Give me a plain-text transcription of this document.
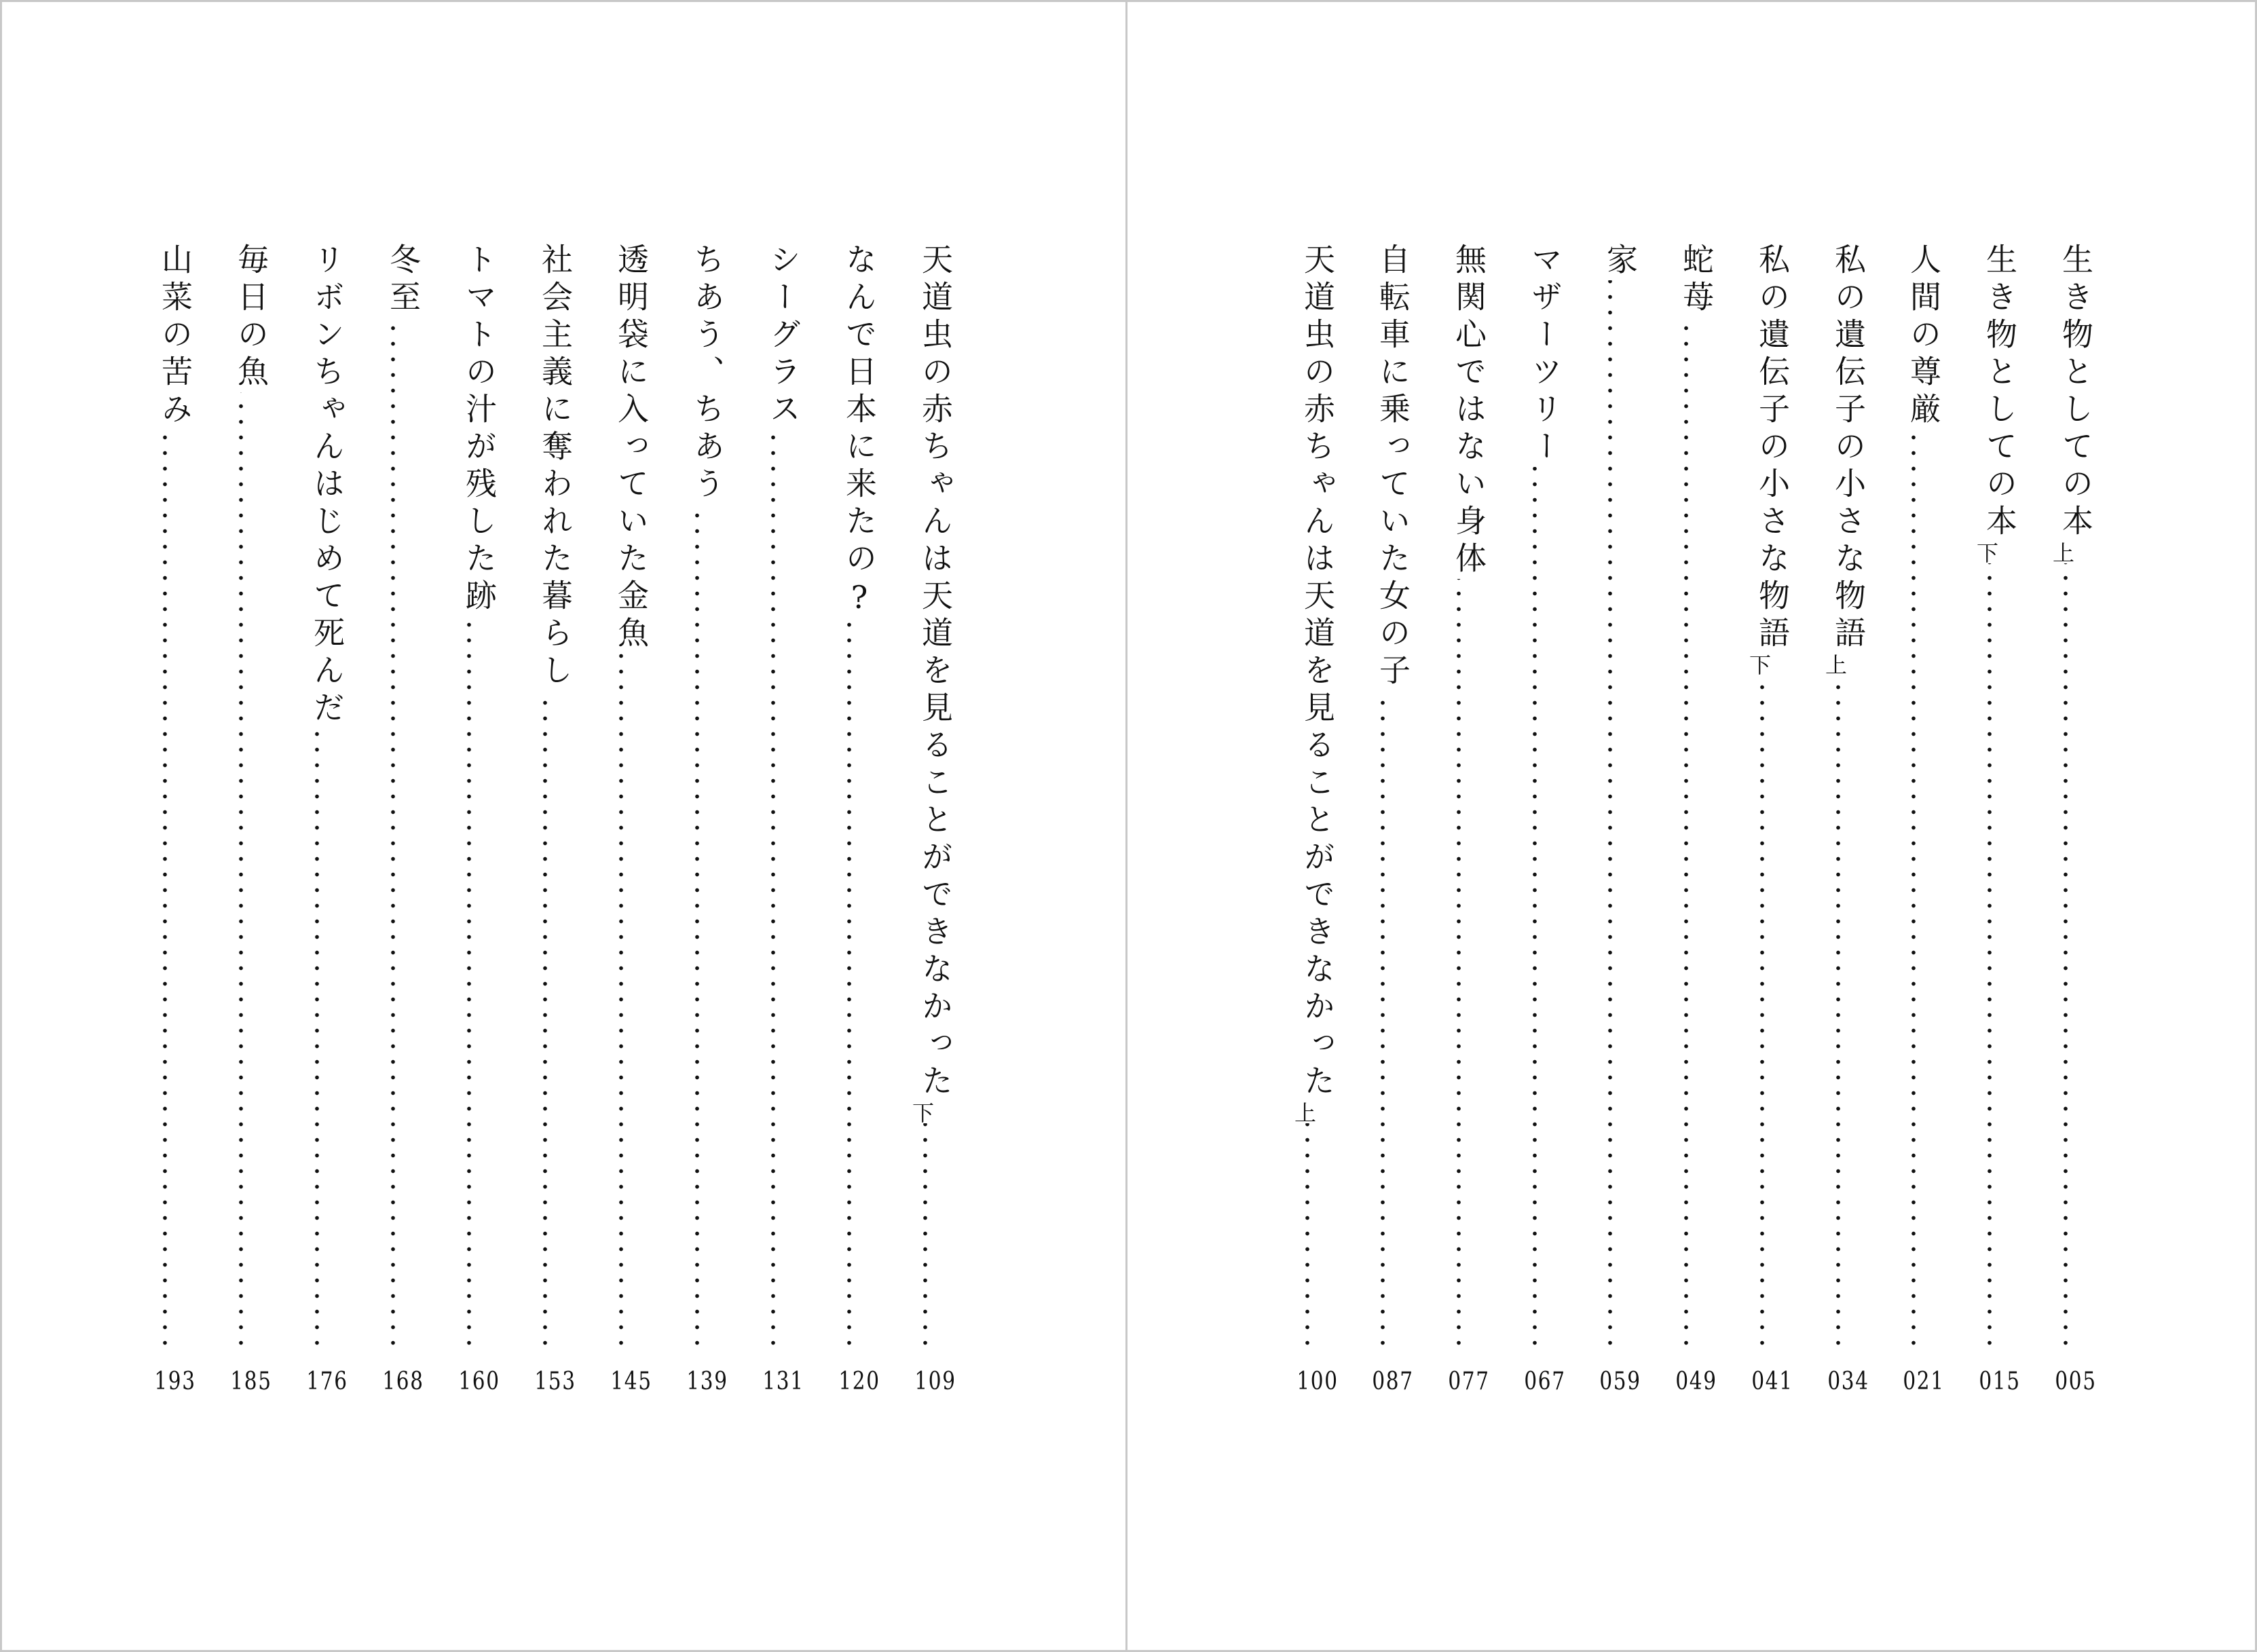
天道虫の赤ちゃんは天道を見ることができなかった
下
109
なんで日本に来たの?
120
シーグラス
131
ちあう、ちあう
139
透明袋に入っていた金魚
145
社会主義に奪われた暮らし
153
トマトの汁が残した跡
160
冬至
168
リボンちゃんはじめて死んだ
176
毎日の魚
185
山菜の苦み
193
生き物としての本
上
005
生き物としての本
下
015
人間の尊厳
021
私の遺伝子の小さな物語
上
034
私の遺伝子の小さな物語
下
041
蛇苺
049
家
059
マザーツリー
067
無関心ではない身体
077
自転車に乗っていた女の子
087
天道虫の赤ちゃんは天道を見ることができなかった
上
100
